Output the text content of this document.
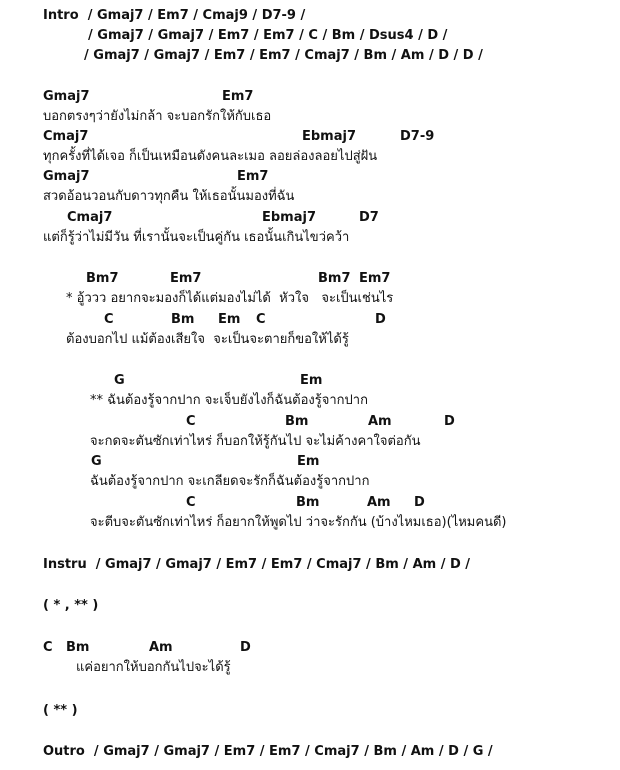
Intro  / Gmaj7 / Em7 / Cmaj9 / D7-9 /
/ Gmaj7 / Gmaj7 / Em7 / Em7 / C / Bm / Dsus4 / D /
/ Gmaj7 / Gmaj7 / Em7 / Em7 / Cmaj7 / Bm / Am / D / D /
Gmaj7	Em7
บอกตรงๆว่ายังไม่กล้า จะบอกรักให้กับเธอ
Cmaj7	Ebmaj7	D7-9
ทุกครั้งที่ได้เจอ ก็เป็นเหมือนดังคนละเมอ ลอยล่องลอยไปสู่ฝัน
Gmaj7	Em7
สวดอ้อนวอนกับดาวทุกคืน ให้เธอนั้นมองที่ฉัน
Cmaj7	Ebmaj7	D7
แต่ก็รู้ว่าไม่มีวัน ที่เรานั้นจะเป็นคู่กัน เธอนั้นเกินไขว่คว้า
Bm7	Em7	Bm7 Em7
* อู้ววว อยากจะมองก็ได้แต่มองไม่ได้  หัวใจ   จะเป็นเช่นไร
C	Bm Em C	D
ต้องบอกไป แม้ต้องเสียใจ  จะเป็นจะตายก็ขอให้ได้รู้
G	Em
** ฉันต้องรู้จากปาก จะเจ็บยังไงก็ฉันต้องรู้จากปาก
C	Bm	Am	D
จะกดจะตันซักเท่าไหร่ ก็บอกให้รู้กันไป จะไม่ค้างคาใจต่อกัน
G	Em
ฉันต้องรู้จากปาก จะเกลียดจะรักก็ฉันต้องรู้จากปาก
C	Bm	Am D
จะตีบจะตันซักเท่าไหร่ ก็อยากให้พูดไป ว่าจะรักกัน (บ้างไหมเธอ)(ไหมคนดี)
Instru  / Gmaj7 / Gmaj7 / Em7 / Em7 / Cmaj7 / Bm / Am / D /
( * , ** )
C Bm	Am	D
แค่อยากให้บอกกันไปจะได้รู้
( ** )
Outro  / Gmaj7 / Gmaj7 / Em7 / Em7 / Cmaj7 / Bm / Am / D / G /
